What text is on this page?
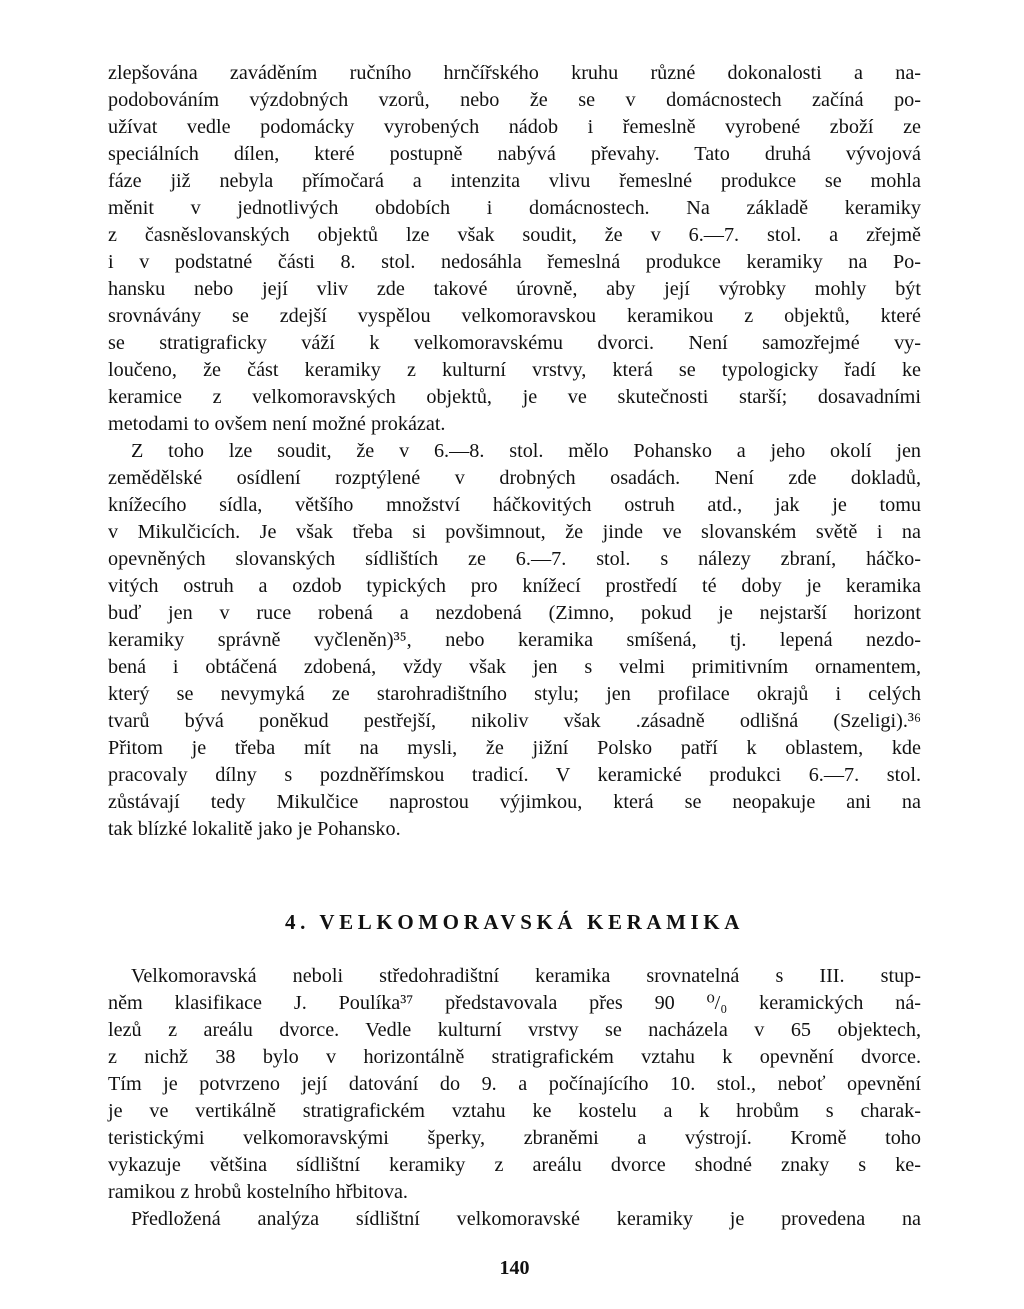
zlepšována zaváděním ručního hrnčířského kruhu různé dokonalosti a na-
podobováním výzdobných vzorů, nebo že se v domácnostech začíná po-
užívat vedle podomácky vyrobených nádob i řemeslně vyrobené zboží ze
speciálních dílen, které postupně nabývá převahy. Tato druhá vývojová
fáze již nebyla přímočará a intenzita vlivu řemeslné produkce se mohla
měnit v jednotlivých obdobích i domácnostech. Na základě keramiky
z časněslovanských objektů lze však soudit, že v 6.—7. stol. a zřejmě
i v podstatné části 8. stol. nedosáhla řemeslná produkce keramiky na Po-
hansku nebo její vliv zde takové úrovně, aby její výrobky mohly být
srovnávány se zdejší vyspělou velkomoravskou keramikou z objektů, které
se stratigraficky váží k velkomoravskému dvorci. Není samozřejmé vy-
loučeno, že část keramiky z kulturní vrstvy, která se typologicky řadí ke
keramice z velkomoravských objektů, je ve skutečnosti starší; dosavadními
metodami to ovšem není možné prokázat.
Z toho lze soudit, že v 6.—8. stol. mělo Pohansko a jeho okolí jen
zemědělské osídlení rozptýlené v drobných osadách. Není zde dokladů,
knížecího sídla, většího množství háčkovitých ostruh atd., jak je tomu
v Mikulčicích. Je však třeba si povšimnout, že jinde ve slovanském světě i na
opevněných slovanských sídlištích ze 6.—7. stol. s nálezy zbraní, háčko-
vitých ostruh a ozdob typických pro knížecí prostředí té doby je keramika
buď jen v ruce robená a nezdobená (Zimno, pokud je nejstarší horizont
keramiky správně vyčleněn)³⁵, nebo keramika smíšená, tj. lepená nezdo-
bená i obtáčená zdobená, vždy však jen s velmi primitivním ornamentem,
který se nevymyká ze starohradištního stylu; jen profilace okrajů i celých
tvarů bývá poněkud pestřejší, nikoliv však .zásadně odlišná (Szeligi).³⁶
Přitom je třeba mít na mysli, že jižní Polsko patří k oblastem, kde
pracovaly dílny s pozdněřímskou tradicí. V keramické produkci 6.—7. stol.
zůstávají tedy Mikulčice naprostou výjimkou, která se neopakuje ani na
tak blízké lokalitě jako je Pohansko.
4. VELKOMORAVSKÁ KERAMIKA
Velkomoravská neboli středohradištní keramika srovnatelná s III. stup-
něm klasifikace J. Poulíka³⁷ představovala přes 90 ⁰/₀ keramických ná-
lezů z areálu dvorce. Vedle kulturní vrstvy se nacházela v 65 objektech,
z nichž 38 bylo v horizontálně stratigrafickém vztahu k opevnění dvorce.
Tím je potvrzeno její datování do 9. a počínajícího 10. stol., neboť opevnění
je ve vertikálně stratigrafickém vztahu ke kostelu a k hrobům s charak-
teristickými velkomoravskými šperky, zbraněmi a výstrojí. Kromě toho
vykazuje většina sídlištní keramiky z areálu dvorce shodné znaky s ke-
ramikou z hrobů kostelního hřbitova.
Předložená analýza sídlištní velkomoravské keramiky je provedena na
140
